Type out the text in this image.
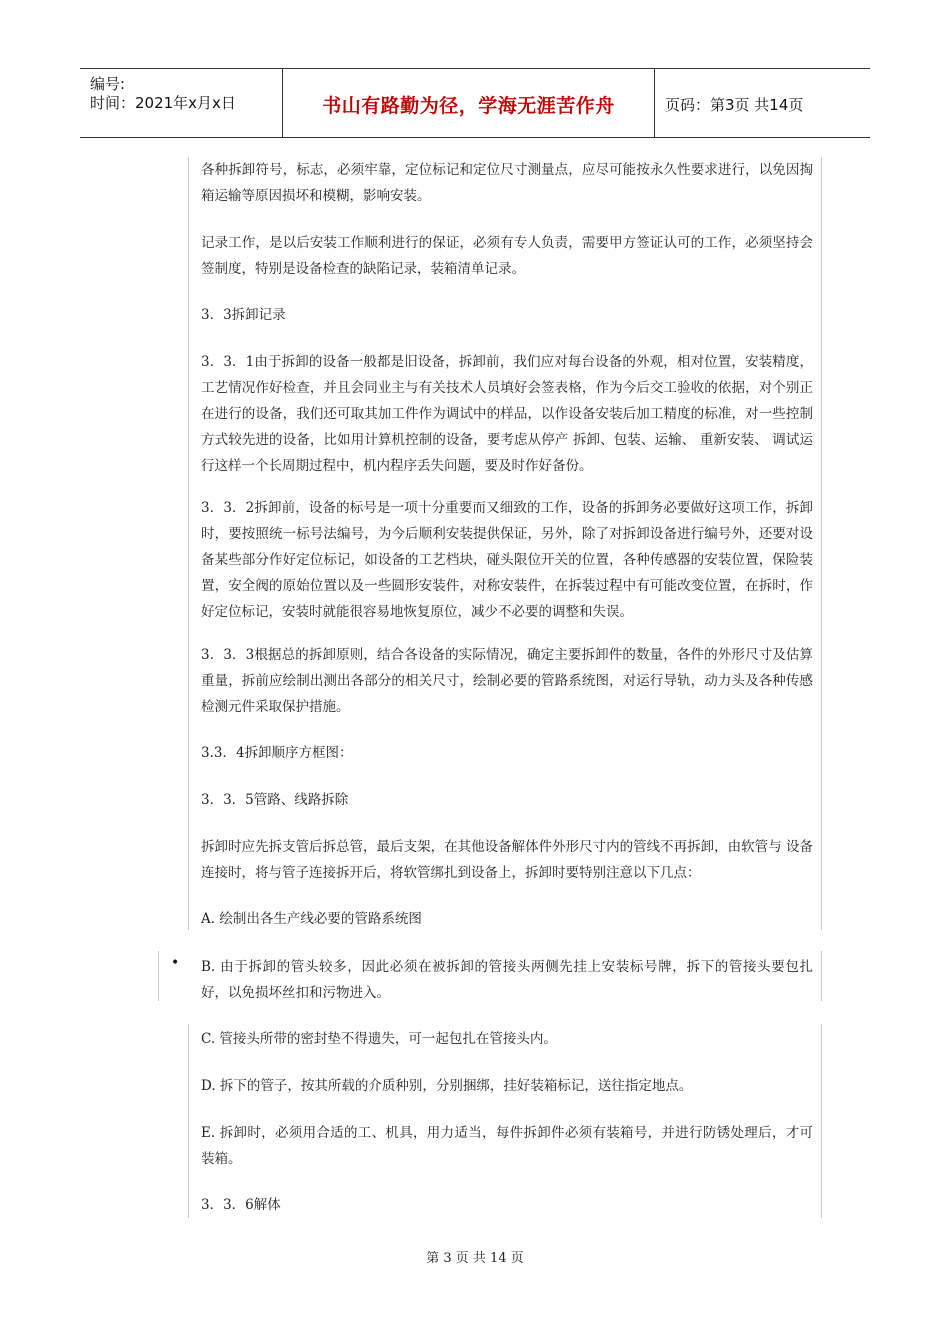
编号:
时间：2021年x月x日	书山有路勤为径，学海无涯苦作舟	页码：第3页 共14页

各种拆卸符号，标志，必须牢靠，定位标记和定位尺寸测量点，应尽可能按永久性要求进行，以免因掏箱运输等原因损坏和模糊，影响安装。

记录工作，是以后安装工作顺利进行的保证，必须有专人负责，需要甲方签证认可的工作，必须坚持会签制度，特别是设备检查的缺陷记录，装箱清单记录。

3．3拆卸记录

3．3．1由于拆卸的设备一般都是旧设备，拆卸前，我们应对每台设备的外观，相对位置，安装精度，工艺情况作好检查，并且会同业主与有关技术人员填好会签表格，作为今后交工验收的依据，对个别正在进行的设备，我们还可取其加工件作为调试中的样品，以作设备安装后加工精度的标准，对一些控制方式较先进的设备，比如用计算机控制的设备，要考虑从停产 拆卸、包装、运输、 重新安装、 调试运行这样一个长周期过程中，机内程序丢失问题，要及时作好备份。

3．3．2拆卸前，设备的标号是一项十分重要而又细致的工作，设备的拆卸务必要做好这项工作，拆卸时，要按照统一标号法编号，为今后顺利安装提供保证，另外，除了对拆卸设备进行编号外，还要对设备某些部分作好定位标记，如设备的工艺档块，碰头限位开关的位置，各种传感器的安装位置，保险装置，安全阀的原始位置以及一些圆形安装件，对称安装件，在拆装过程中有可能改变位置，在拆时，作好定位标记，安装时就能很容易地恢复原位，减少不必要的调整和失误。

3．3．3根据总的拆卸原则，结合各设备的实际情况，确定主要拆卸件的数量，各件的外形尺寸及估算重量，拆前应绘制出测出各部分的相关尺寸，绘制必要的管路系统图，对运行导轨，动力头及各种传感检测元件采取保护措施。

3.3．4拆卸顺序方框图：

3．3．5管路、线路拆除

拆卸时应先拆支管后拆总管，最后支架，在其他设备解体件外形尺寸内的管线不再拆卸，由软管与 设备连接时，将与管子连接拆开后，将软管绑扎到设备上，拆卸时要特别注意以下几点：

A. 绘制出各生产线必要的管路系统图

• B. 由于拆卸的管头较多，因此必须在被拆卸的管接头两侧先挂上安装标号牌，拆下的管接头要包扎好，以免损坏丝扣和污物进入。

C. 管接头所带的密封垫不得遗失，可一起包扎在管接头内。

D. 拆下的管子，按其所载的介质种别，分别捆绑，挂好装箱标记，送往指定地点。

E. 拆卸时，必须用合适的工、机具，用力适当，每件拆卸件必须有装箱号，并进行防锈处理后，才可装箱。

3．3．6解体

第 3 页 共 14 页
